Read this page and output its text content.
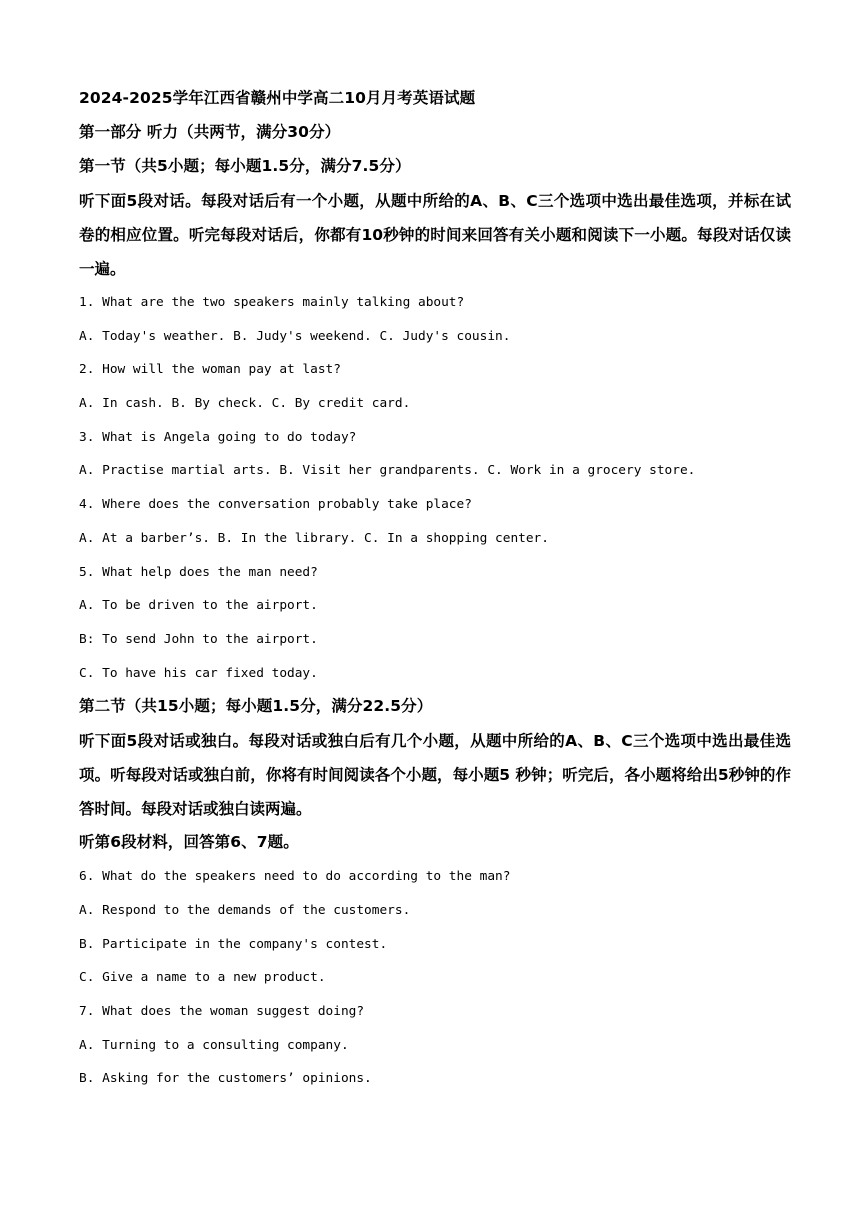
2024-2025学年江西省赣州中学高二10月月考英语试题
第一部分 听力（共两节，满分30分）
第一节（共5小题；每小题1.5分，满分7.5分）

听下面5段对话。每段对话后有一个小题，从题中所给的A、B、C三个选项中选出最佳选项，并标在试卷的相应位置。听完每段对话后，你都有10秒钟的时间来回答有关小题和阅读下一小题。每段对话仅读一遍。

1. What are the two speakers mainly talking about?
A. Today's weather. B. Judy's weekend. C. Judy's cousin.
2. How will the woman pay at last?
A. In cash. B. By check. C. By credit card.
3. What is Angela going to do today?
A. Practise martial arts. B. Visit her grandparents. C. Work in a grocery store.
4. Where does the conversation probably take place?
A. At a barber’s. B. In the library. C. In a shopping center.
5. What help does the man need?
A. To be driven to the airport.
B: To send John to the airport.
C. To have his car fixed today.
第二节（共15小题；每小题1.5分，满分22.5分）

听下面5段对话或独白。每段对话或独白后有几个小题，从题中所给的A、B、C三个选项中选出最佳选项。听每段对话或独白前，你将有时间阅读各个小题，每小题5 秒钟；听完后，各小题将给出5秒钟的作答时间。每段对话或独白读两遍。

听第6段材料，回答第6、7题。
6. What do the speakers need to do according to the man?
A. Respond to the demands of the customers.
B. Participate in the company's contest.
C. Give a name to a new product.
7. What does the woman suggest doing?
A. Turning to a consulting company.
B. Asking for the customers’ opinions.
